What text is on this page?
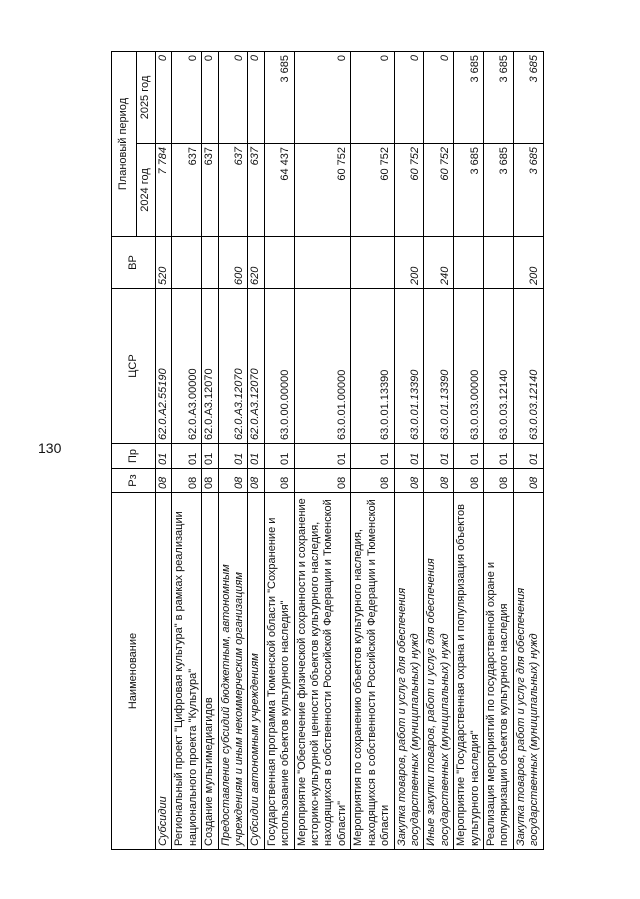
130
Наименование	Рз	Пр	ЦСР	ВР	Плановый период	
					2024 год	2025 год
Субсидии	08	01	62.0.A2.55190	520	7 784	0
Региональный проект "Цифровая культура" в рамках реализации национального проекта "Культура"	08	01	62.0.A3.00000		637	0
Создание мультимедиагидов	08	01	62.0.A3.12070		637	0
Предоставление субсидий бюджетным, автономным учреждениям и иным некоммерческим организациям	08	01	62.0.A3.12070	600	637	0
Субсидии автономным учреждениям	08	01	62.0.A3.12070	620	637	0
Государственная программа Тюменской области "Сохранение и использование объектов культурного наследия"	08	01	63.0.00.00000		64 437	3 685
Мероприятие "Обеспечение физической сохранности и сохранение историко-культурной ценности объектов культурного наследия, находящихся в собственности Российской Федерации и Тюменской области"	08	01	63.0.01.00000		60 752	0
Мероприятия по сохранению объектов культурного наследия, находящихся в собственности Российской Федерации и Тюменской области	08	01	63.0.01.13390		60 752	0
Закупка товаров, работ и услуг для обеспечения государственных (муниципальных) нужд	08	01	63.0.01.13390	200	60 752	0
Иные закупки товаров, работ и услуг для обеспечения государственных (муниципальных) нужд	08	01	63.0.01.13390	240	60 752	0
Мероприятие "Государственная охрана и популяризация объектов культурного наследия"	08	01	63.0.03.00000		3 685	3 685
Реализация мероприятий по государственной охране и популяризации объектов культурного наследия	08	01	63.0.03.12140		3 685	3 685
Закупка товаров, работ и услуг для обеспечения государственных (муниципальных) нужд	08	01	63.0.03.12140	200	3 685	3 685
